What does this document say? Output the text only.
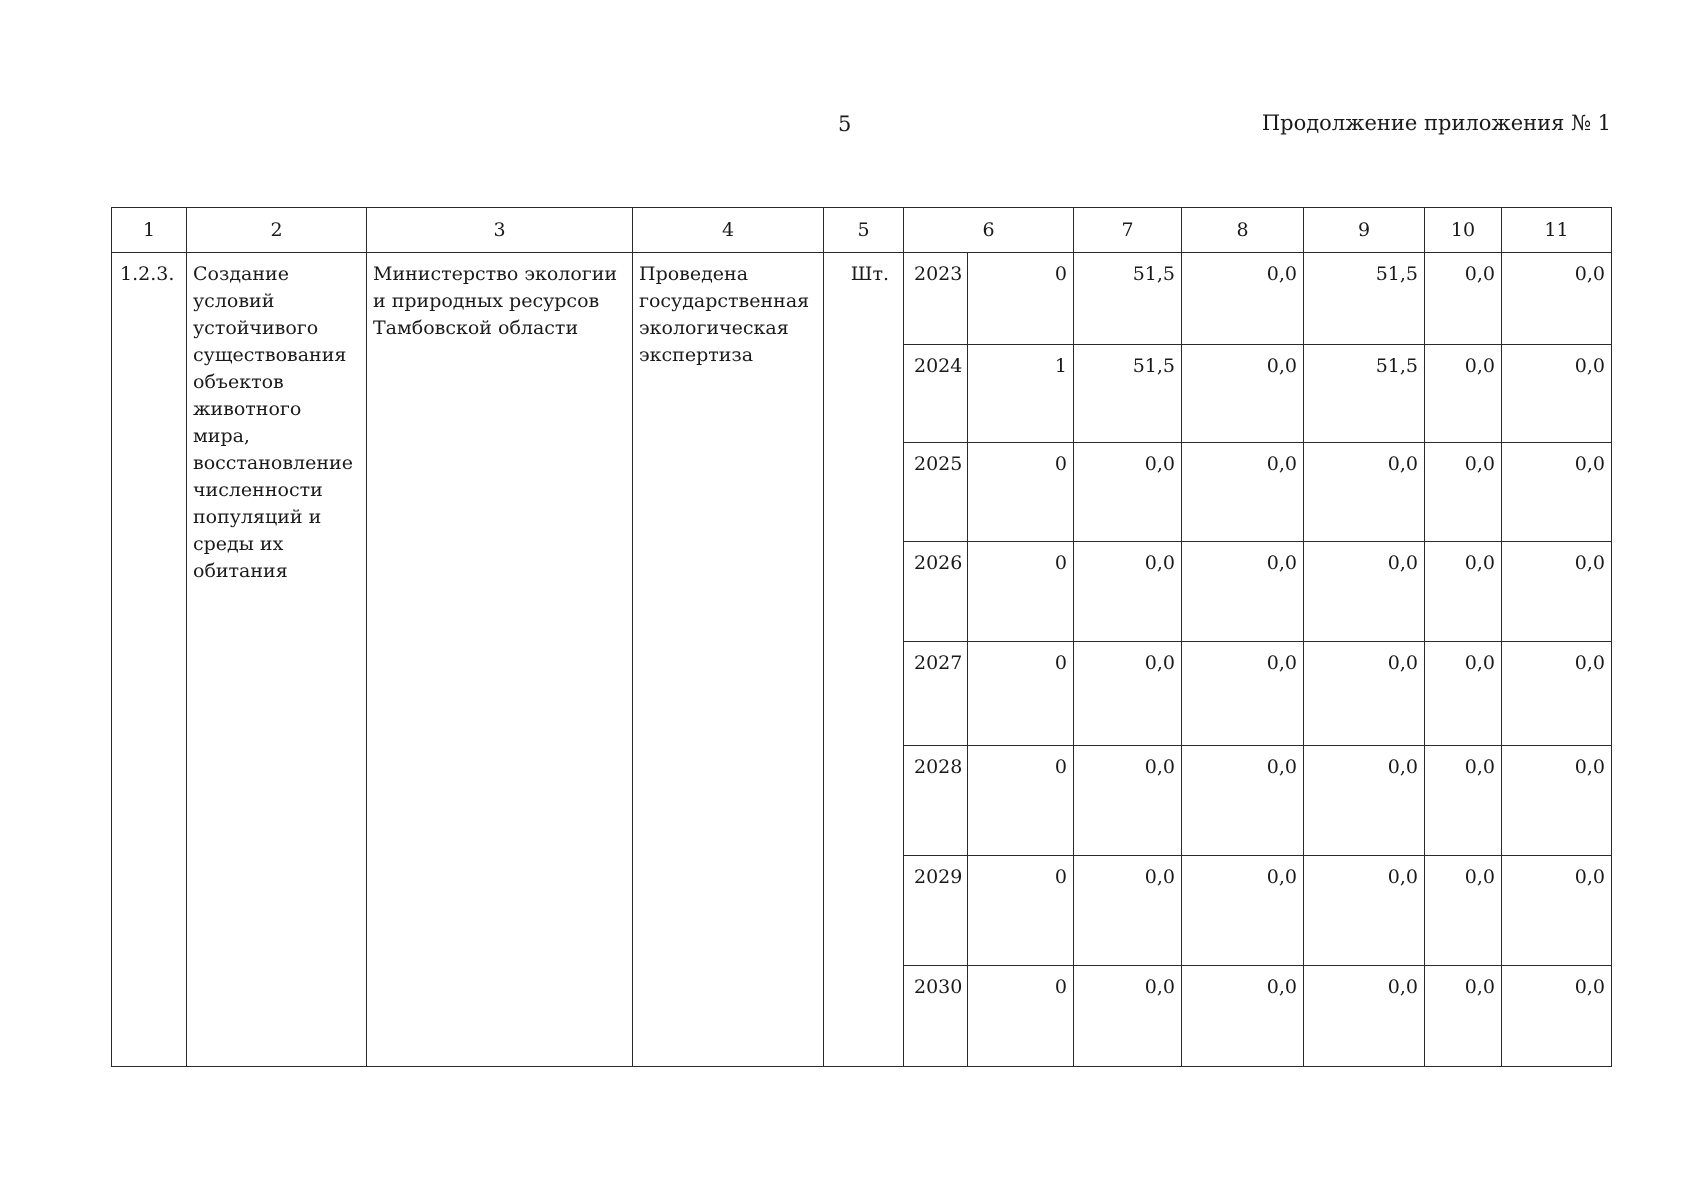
5	Продолжение приложения № 1
1	2	3	4	5	6		7	8	9	10	11
1.2.3.	Создание условий устойчивого существования объектов животного мира, восстановление численности популяций и среды их обитания	Министерство экологии и природных ресурсов Тамбовской области	Проведена государственная экологическая экспертиза	Шт.	2023	0	51,5	0,0	51,5	0,0	0,0
					2024	1	51,5	0,0	51,5	0,0	0,0
					2025	0	0,0	0,0	0,0	0,0	0,0
					2026	0	0,0	0,0	0,0	0,0	0,0
					2027	0	0,0	0,0	0,0	0,0	0,0
					2028	0	0,0	0,0	0,0	0,0	0,0
					2029	0	0,0	0,0	0,0	0,0	0,0
					2030	0	0,0	0,0	0,0	0,0	0,0
